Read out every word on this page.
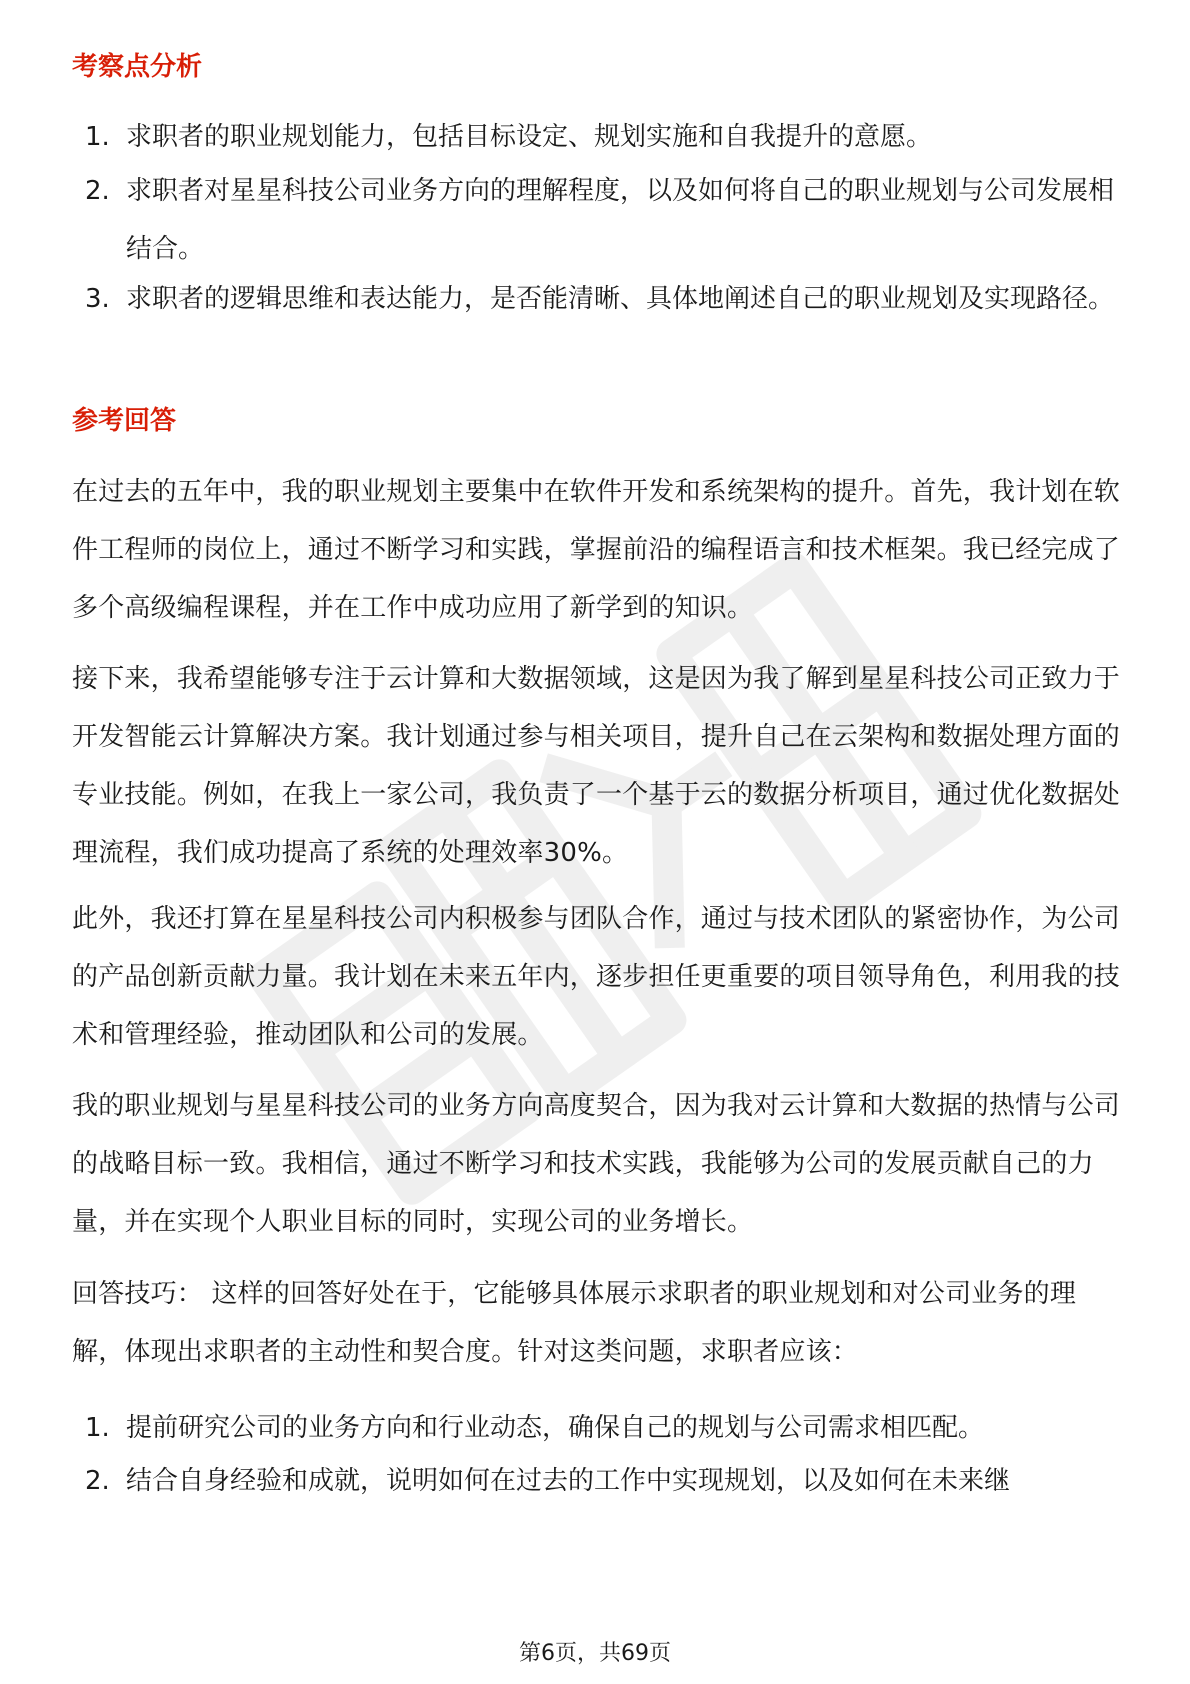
考察点分析
1. 求职者的职业规划能力，包括目标设定、规划实施和自我提升的意愿。
2. 求职者对星星科技公司业务方向的理解程度，以及如何将自己的职业规划与公司发展相结合。
3. 求职者的逻辑思维和表达能力，是否能清晰、具体地阐述自己的职业规划及实现路径。
参考回答

在过去的五年中，我的职业规划主要集中在软件开发和系统架构的提升。首先，我计划在软件工程师的岗位上，通过不断学习和实践，掌握前沿的编程语言和技术框架。我已经完成了多个高级编程课程，并在工作中成功应用了新学到的知识。

接下来，我希望能够专注于云计算和大数据领域，这是因为我了解到星星科技公司正致力于开发智能云计算解决方案。我计划通过参与相关项目，提升自己在云架构和数据处理方面的专业技能。例如，在我上一家公司，我负责了一个基于云的数据分析项目，通过优化数据处理流程，我们成功提高了系统的处理效率30%。

此外，我还打算在星星科技公司内积极参与团队合作，通过与技术团队的紧密协作，为公司的产品创新贡献力量。我计划在未来五年内，逐步担任更重要的项目领导角色，利用我的技术和管理经验，推动团队和公司的发展。

我的职业规划与星星科技公司的业务方向高度契合，因为我对云计算和大数据的热情与公司的战略目标一致。我相信，通过不断学习和技术实践，我能够为公司的发展贡献自己的力量，并在实现个人职业目标的同时，实现公司的业务增长。

回答技巧： 这样的回答好处在于，它能够具体展示求职者的职业规划和对公司业务的理解，体现出求职者的主动性和契合度。针对这类问题，求职者应该：

1. 提前研究公司的业务方向和行业动态，确保自己的规划与公司需求相匹配。
2. 结合自身经验和成就，说明如何在过去的工作中实现规划，以及如何在未来继
第6页，共69页
